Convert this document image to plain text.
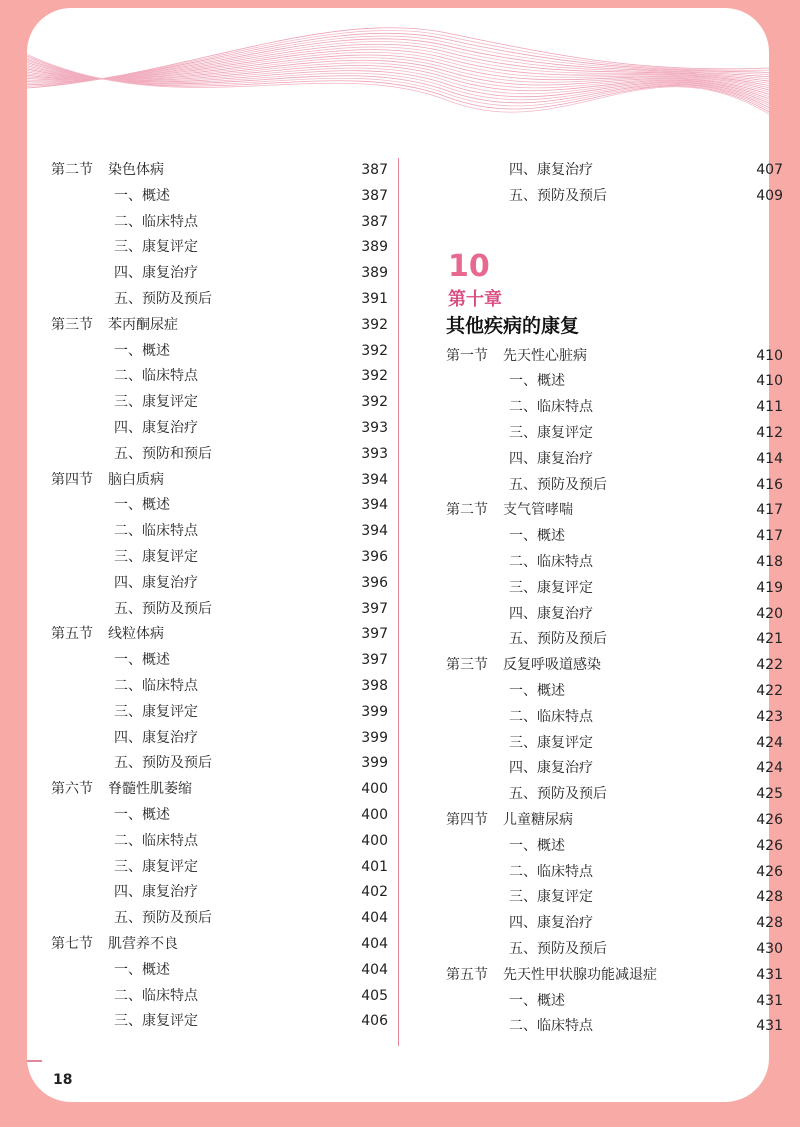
第二节 染色体病	387
一、概述	387
二、临床特点	387
三、康复评定	389
四、康复治疗	389
五、预防及预后	391
第三节 苯丙酮尿症	392
一、概述	392
二、临床特点	392
三、康复评定	392
四、康复治疗	393
五、预防和预后	393
第四节 脑白质病	394
一、概述	394
二、临床特点	394
三、康复评定	396
四、康复治疗	396
五、预防及预后	397
第五节 线粒体病	397
一、概述	397
二、临床特点	398
三、康复评定	399
四、康复治疗	399
五、预防及预后	399
第六节 脊髓性肌萎缩	400
一、概述	400
二、临床特点	400
三、康复评定	401
四、康复治疗	402
五、预防及预后	404
第七节 肌营养不良	404
一、概述	404
二、临床特点	405
三、康复评定	406
四、康复治疗	407
五、预防及预后	409
10
第十章
其他疾病的康复
第一节 先天性心脏病	410
一、概述	410
二、临床特点	411
三、康复评定	412
四、康复治疗	414
五、预防及预后	416
第二节 支气管哮喘	417
一、概述	417
二、临床特点	418
三、康复评定	419
四、康复治疗	420
五、预防及预后	421
第三节 反复呼吸道感染	422
一、概述	422
二、临床特点	423
三、康复评定	424
四、康复治疗	424
五、预防及预后	425
第四节 儿童糖尿病	426
一、概述	426
二、临床特点	426
三、康复评定	428
四、康复治疗	428
五、预防及预后	430
第五节 先天性甲状腺功能减退症	431
一、概述	431
二、临床特点	431
18
